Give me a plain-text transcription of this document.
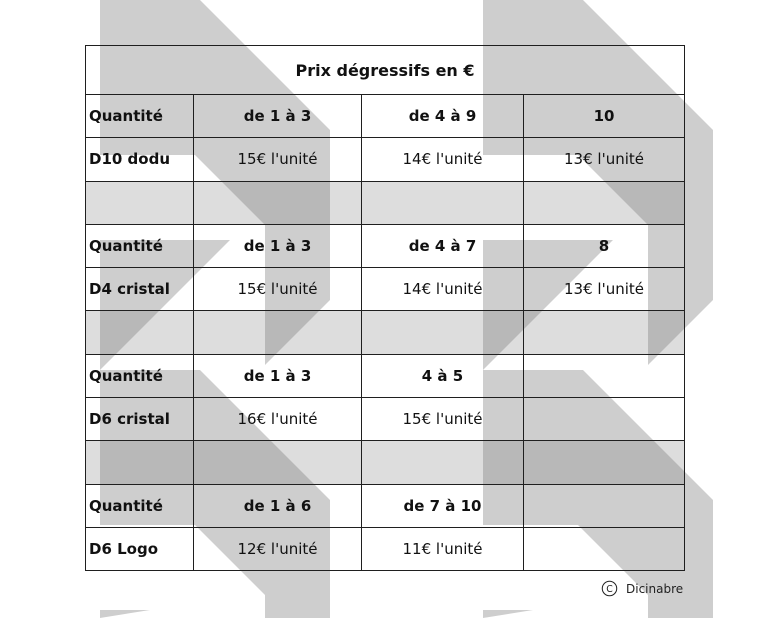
Prix dégressifs en €			
Quantité	de 1 à 3	de 4 à 9	10
D10 dodu	15€ l'unité	14€ l'unité	13€ l'unité

Quantité	de 1 à 3	de 4 à 7	8
D4 cristal	15€ l'unité	14€ l'unité	13€ l'unité

Quantité	de 1 à 3	4 à 5	
D6 cristal	16€ l'unité	15€ l'unité	

Quantité	de 1 à 6	de 7 à 10	
D6 Logo	12€ l'unité	11€ l'unité	
C Dicinabre
